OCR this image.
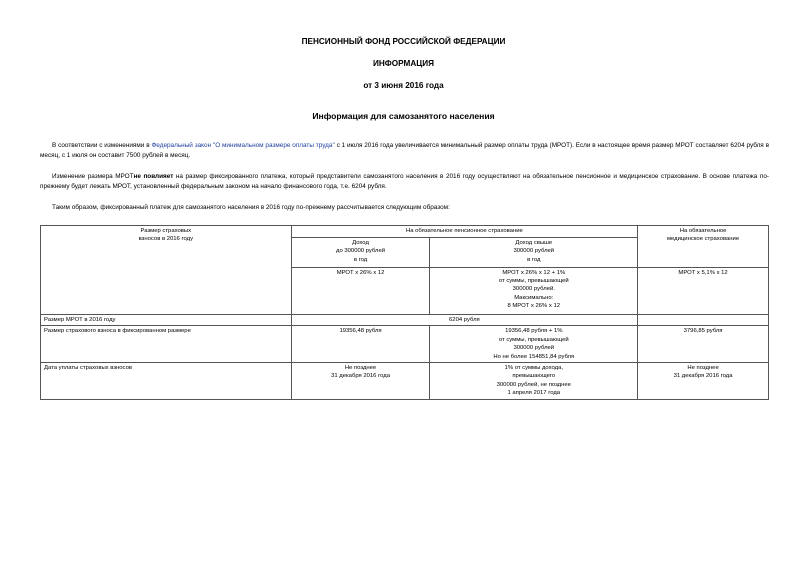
ПЕНСИОННЫЙ ФОНД РОССИЙСКОЙ ФЕДЕРАЦИИ
ИНФОРМАЦИЯ
от 3 июня 2016 года
Информация для самозанятого населения
В соответствии с изменениями в Федеральный закон "О минимальном размере оплаты труда" с 1 июля 2016 года увеличивается минимальный размер оплаты труда (МРОТ). Если в настоящее время размер МРОТ составляет 6204 рубля в месяц, с 1 июля он составит 7500 рублей в месяц.
Изменение размера МРОТне повлияет на размер фиксированного платежа, который представители самозанятого населения в 2016 году осуществляют на обязательное пенсионное и медицинское страхование. В основе платежа по-прежнему будет лежать МРОТ, установленный федеральным законом на начало финансового года, т.е. 6204 рубля.
Таким образом, фиксированный платеж для самозанятого населения в 2016 году по-прежнему рассчитывается следующим образом:
Размер страховых
взносов в 2016 году	На обязательное пенсионное страхование		На обязательное
медицинское страхование
	Доход
до 300000 рублей
в год	Доход свыше
300000 рублей
в год	
	МРОТ x 26% x 12	МРОТ x 26% x 12 + 1%
от суммы, превышающей
300000 рублей.
Максимально:
8 МРОТ x 26% x 12	МРОТ x 5,1% x 12
Размер МРОТ в 2016 году	6204 рубля		
Размер страхового взноса в фиксированном размере	19356,48 рубля	19356,48 рубля + 1%
от суммы, превышающей
300000 рублей
Но не более 154851,84 рубля	3796,85 рубля
Дата уплаты страховых взносов	Не позднее
31 декабря 2016 года	1% от суммы дохода,
превышающего
300000 рублей, не позднее
1 апреля 2017 года	Не позднее
31 декабря 2016 года
